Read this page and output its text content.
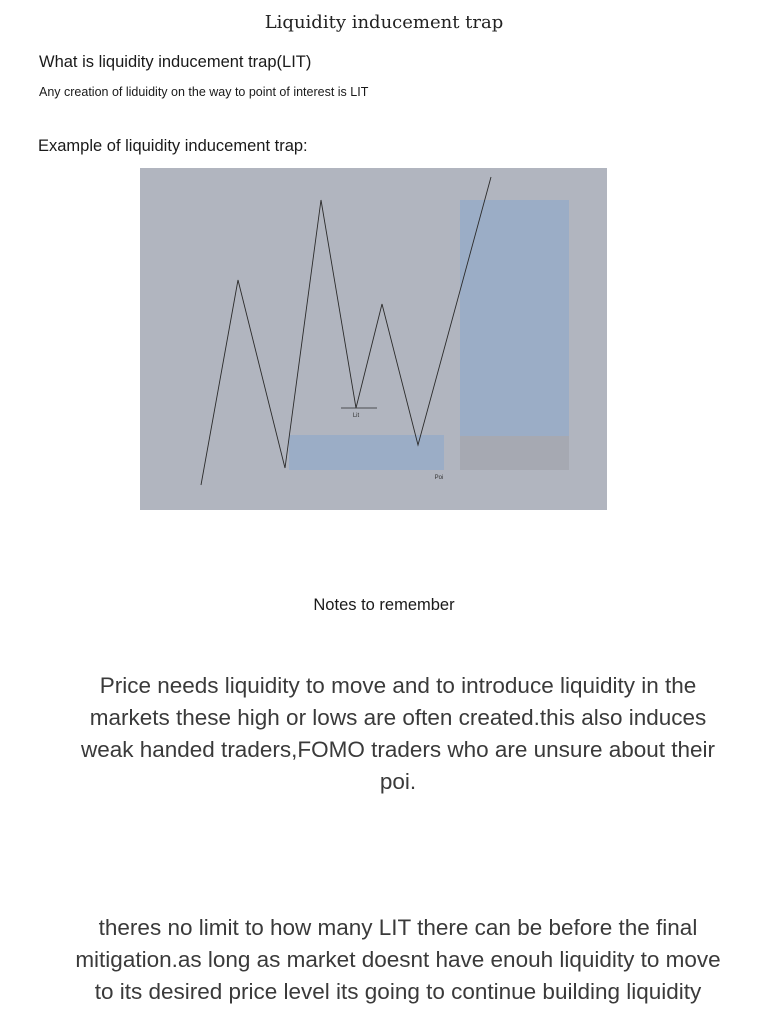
Liquidity inducement trap
What is liquidity inducement trap(LIT)
Any creation of liduidity on the way to point of interest is LIT
Example of liquidity inducement trap:
Lit
Poi
Notes to remember
Price needs liquidity to move and to introduce liquidity in the markets these high or lows are often created.this also induces weak handed traders,FOMO traders who are unsure about their poi.
theres no limit to how many LIT there can be before the final mitigation.as long as market doesnt have enouh liquidity to move to its desired price level its going to continue building liquidity
